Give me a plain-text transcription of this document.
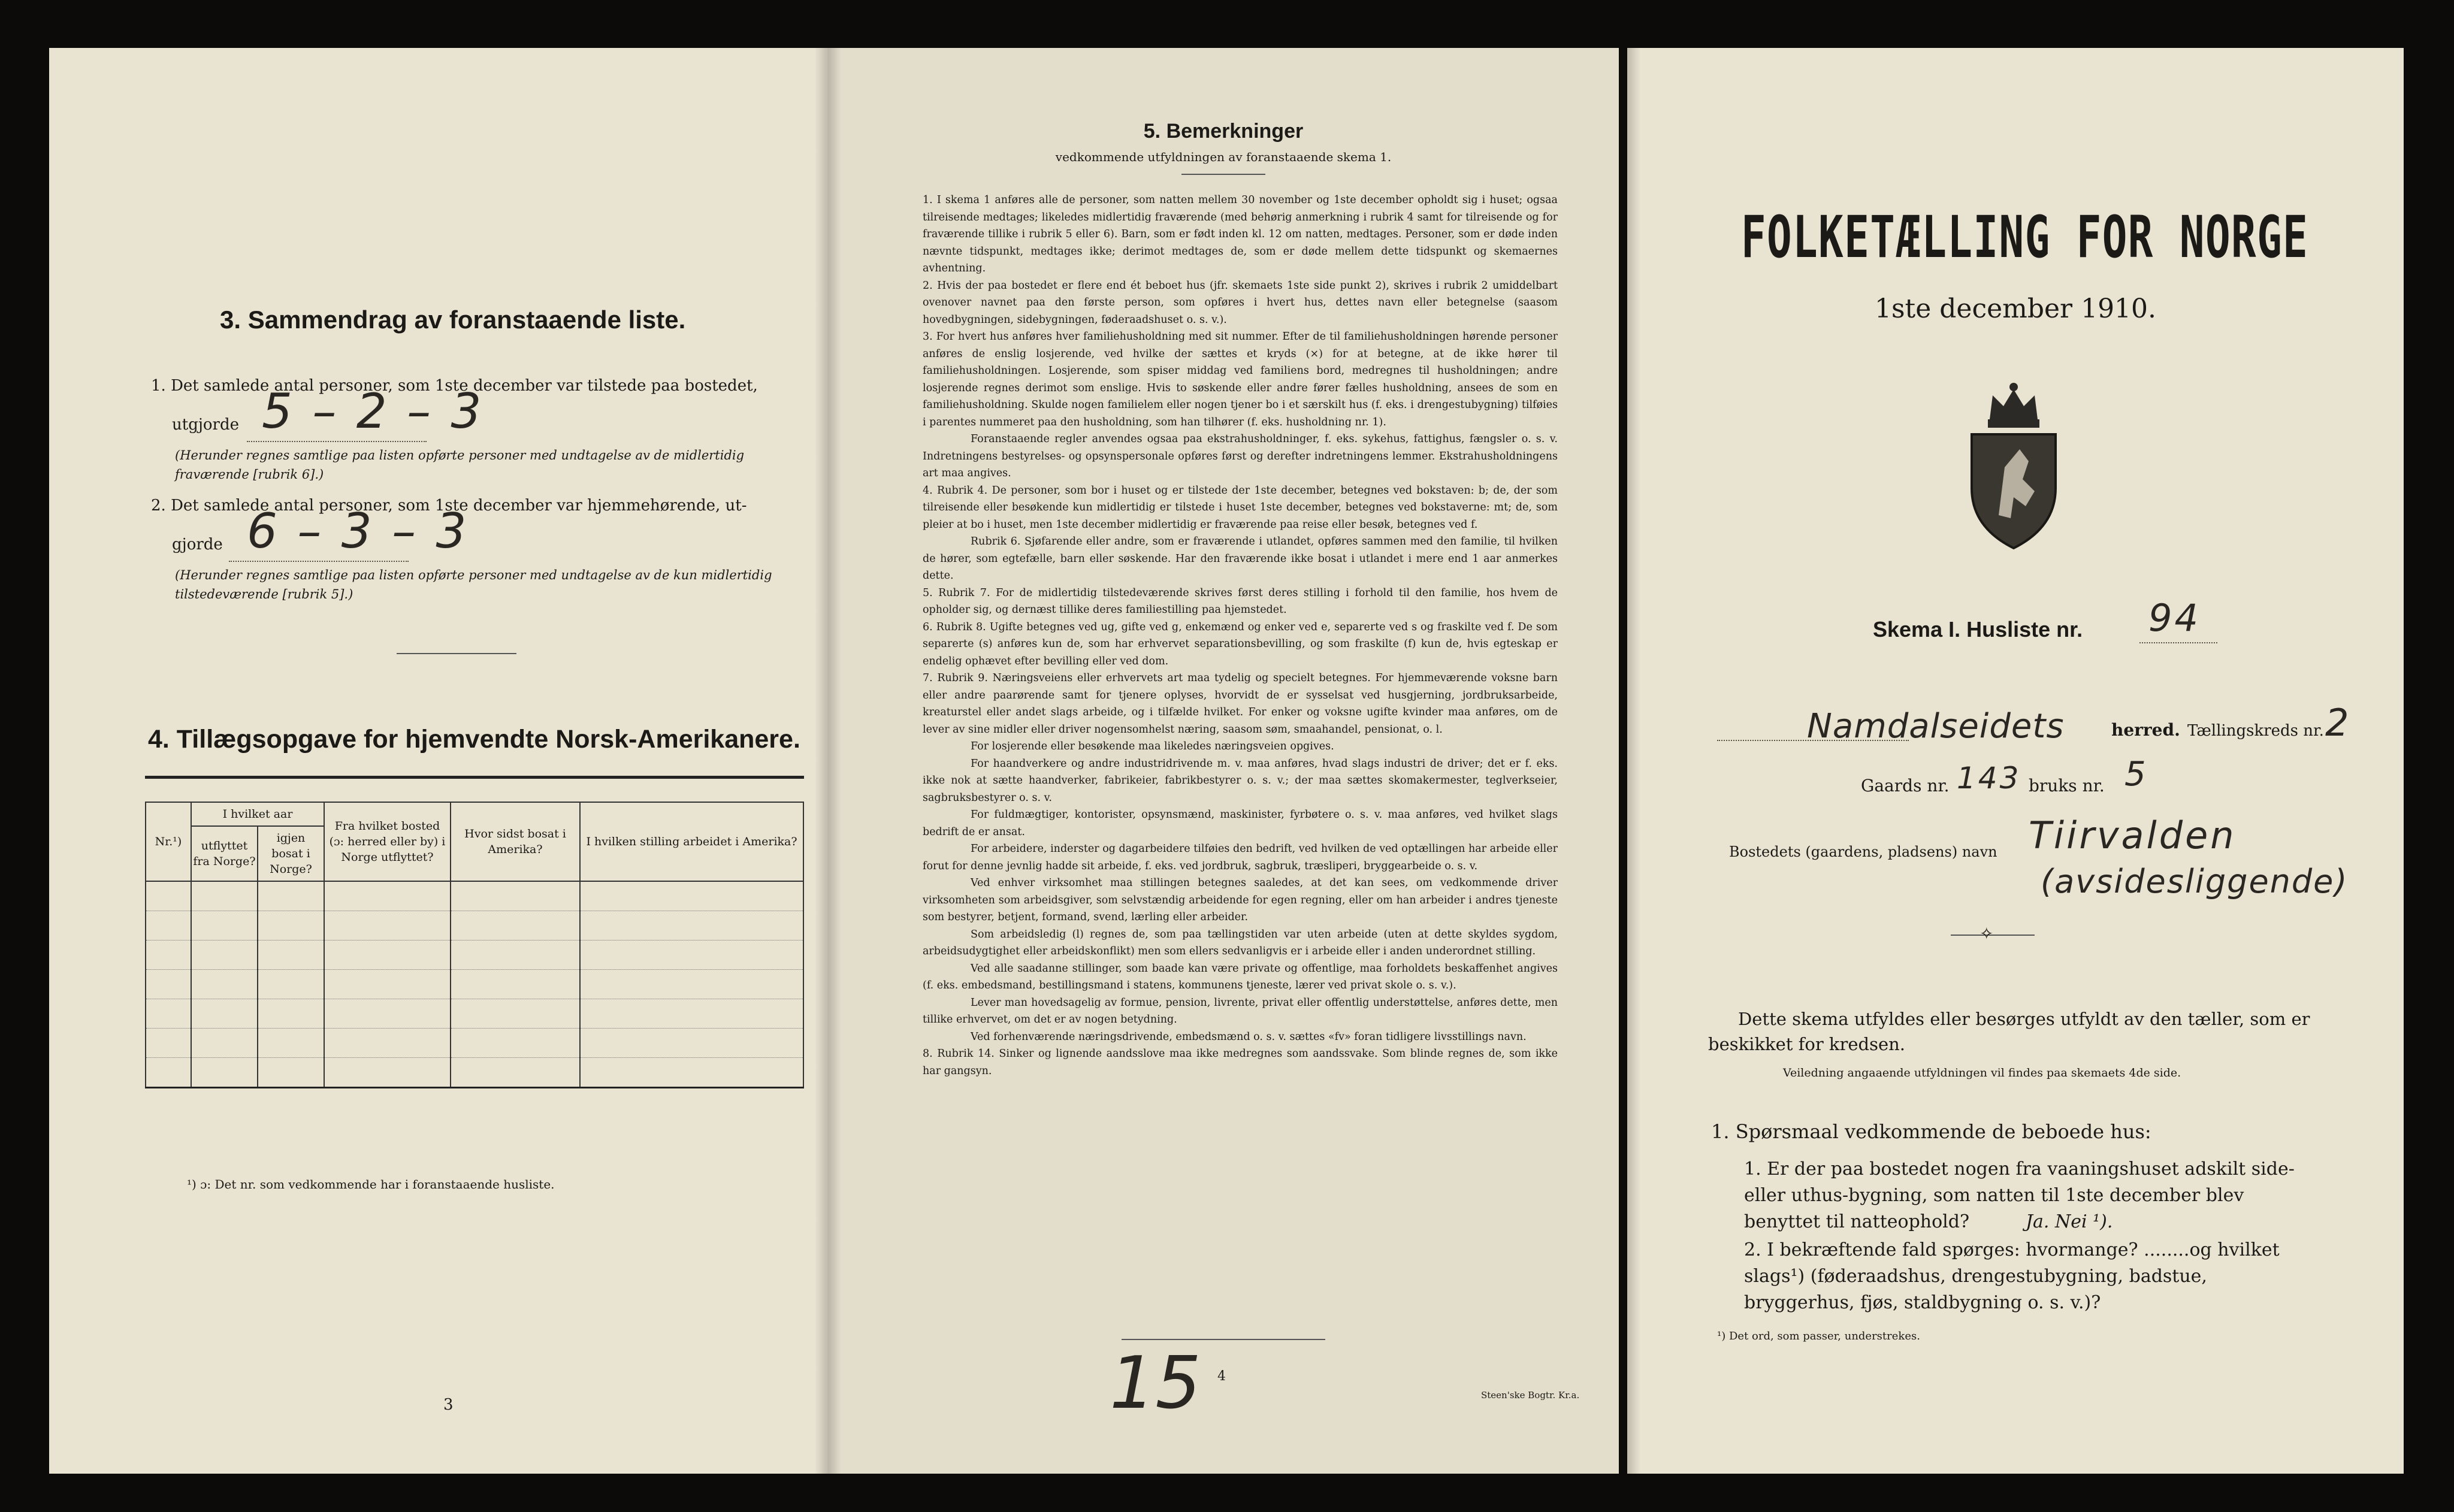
3. Sammendrag av foranstaaende liste.
1. Det samlede antal personer, som 1ste december var tilstede paa bostedet,
utgjorde 5 – 2 – 3
(Herunder regnes samtlige paa listen opførte personer med undtagelse av de midlertidig fraværende [rubrik 6].)
2. Det samlede antal personer, som 1ste december var hjemmehørende, ut-
gjorde 6 – 3 – 3
(Herunder regnes samtlige paa listen opførte personer med undtagelse av de kun midlertidig tilstedeværende [rubrik 5].)
4. Tillægsopgave for hjemvendte Norsk-Amerikanere.
Nr.¹)	I hvilket aar		Fra hvilket bosted (ɔ: herred eller by) i Norge utflyttet?	Hvor sidst bosat i Amerika?	I hvilken stilling arbeidet i Amerika?
	utflyttet fra Norge?	igjen bosat i Norge?			

¹) ɔ: Det nr. som vedkommende har i foranstaaende husliste.
3
5. Bemerkninger
vedkommende utfyldningen av foranstaaende skema 1.

1. I skema 1 anføres alle de personer, som natten mellem 30 november og 1ste december opholdt sig i huset; ogsaa tilreisende medtages; likeledes midlertidig fraværende (med behørig anmerkning i rubrik 4 samt for tilreisende og for fraværende tillike i rubrik 5 eller 6). Barn, som er født inden kl. 12 om natten, medtages. Personer, som er døde inden nævnte tidspunkt, medtages ikke; derimot medtages de, som er døde mellem dette tidspunkt og skemaernes avhentning.

2. Hvis der paa bostedet er flere end ét beboet hus (jfr. skemaets 1ste side punkt 2), skrives i rubrik 2 umiddelbart ovenover navnet paa den første person, som opføres i hvert hus, dettes navn eller betegnelse (saasom hovedbygningen, sidebygningen, føderaadshuset o. s. v.).

3. For hvert hus anføres hver familiehusholdning med sit nummer. Efter de til familiehusholdningen hørende personer anføres de enslig losjerende, ved hvilke der sættes et kryds (×) for at betegne, at de ikke hører til familiehusholdningen. Losjerende, som spiser middag ved familiens bord, medregnes til husholdningen; andre losjerende regnes derimot som enslige. Hvis to søskende eller andre fører fælles husholdning, ansees de som en familiehusholdning. Skulde nogen familielem eller nogen tjener bo i et særskilt hus (f. eks. i drengestubygning) tilføies i parentes nummeret paa den husholdning, som han tilhører (f. eks. husholdning nr. 1).

Foranstaaende regler anvendes ogsaa paa ekstrahusholdninger, f. eks. sykehus, fattighus, fængsler o. s. v. Indretningens bestyrelses- og opsynspersonale opføres først og derefter indretningens lemmer. Ekstrahusholdningens art maa angives.

4. Rubrik 4. De personer, som bor i huset og er tilstede der 1ste december, betegnes ved bokstaven: b; de, der som tilreisende eller besøkende kun midlertidig er tilstede i huset 1ste december, betegnes ved bokstaverne: mt; de, som pleier at bo i huset, men 1ste december midlertidig er fraværende paa reise eller besøk, betegnes ved f.

Rubrik 6. Sjøfarende eller andre, som er fraværende i utlandet, opføres sammen med den familie, til hvilken de hører, som egtefælle, barn eller søskende. Har den fraværende ikke bosat i utlandet i mere end 1 aar anmerkes dette.

5. Rubrik 7. For de midlertidig tilstedeværende skrives først deres stilling i forhold til den familie, hos hvem de opholder sig, og dernæst tillike deres familiestilling paa hjemstedet.

6. Rubrik 8. Ugifte betegnes ved ug, gifte ved g, enkemænd og enker ved e, separerte ved s og fraskilte ved f. De som separerte (s) anføres kun de, som har erhvervet separationsbevilling, og som fraskilte (f) kun de, hvis egteskap er endelig ophævet efter bevilling eller ved dom.

7. Rubrik 9. Næringsveiens eller erhvervets art maa tydelig og specielt betegnes. For hjemmeværende voksne barn eller andre paarørende samt for tjenere oplyses, hvorvidt de er sysselsat ved husgjerning, jordbruksarbeide, kreaturstel eller andet slags arbeide, og i tilfælde hvilket. For enker og voksne ugifte kvinder maa anføres, om de lever av sine midler eller driver nogensomhelst næring, saasom søm, smaahandel, pensionat, o. l.

For losjerende eller besøkende maa likeledes næringsveien opgives.

For haandverkere og andre industridrivende m. v. maa anføres, hvad slags industri de driver; det er f. eks. ikke nok at sætte haandverker, fabrikeier, fabrikbestyrer o. s. v.; der maa sættes skomakermester, teglverkseier, sagbruksbestyrer o. s. v.

For fuldmægtiger, kontorister, opsynsmænd, maskinister, fyrbøtere o. s. v. maa anføres, ved hvilket slags bedrift de er ansat.

For arbeidere, inderster og dagarbeidere tilføies den bedrift, ved hvilken de ved optællingen har arbeide eller forut for denne jevnlig hadde sit arbeide, f. eks. ved jordbruk, sagbruk, træsliperi, bryggearbeide o. s. v.

Ved enhver virksomhet maa stillingen betegnes saaledes, at det kan sees, om vedkommende driver virksomheten som arbeidsgiver, som selvstændig arbeidende for egen regning, eller om han arbeider i andres tjeneste som bestyrer, betjent, formand, svend, lærling eller arbeider.

Som arbeidsledig (l) regnes de, som paa tællingstiden var uten arbeide (uten at dette skyldes sygdom, arbeidsudygtighet eller arbeidskonflikt) men som ellers sedvanligvis er i arbeide eller i anden underordnet stilling.

Ved alle saadanne stillinger, som baade kan være private og offentlige, maa forholdets beskaffenhet angives (f. eks. embedsmand, bestillingsmand i statens, kommunens tjeneste, lærer ved privat skole o. s. v.).

Lever man hovedsagelig av formue, pension, livrente, privat eller offentlig understøttelse, anføres dette, men tillike erhvervet, om det er av nogen betydning.

Ved forhenværende næringsdrivende, embedsmænd o. s. v. sættes «fv» foran tidligere livsstillings navn.

8. Rubrik 14. Sinker og lignende aandsslove maa ikke medregnes som aandssvake. Som blinde regnes de, som ikke har gangsyn.

15 4
Steen'ske Bogtr. Kr.a.
FOLKETÆLLING FOR NORGE
1ste december 1910.
Skema I. Husliste nr. 94
Namdalseidets	herred. Tællingskreds nr. 2
Gaards nr. 143 bruks nr. 5
Bostedets (gaardens, pladsens) navn Tiirvalden
(avsidesliggende)
✧
Dette skema utfyldes eller besørges utfyldt av den tæller, som er beskikket for kredsen.
Veiledning angaaende utfyldningen vil findes paa skemaets 4de side.
1. Spørsmaal vedkommende de beboede hus:
1. Er der paa bostedet nogen fra vaaningshuset adskilt side- eller uthus-bygning, som natten til 1ste december blev benyttet til natteophold?	Ja. Nei ¹).
2. I bekræftende fald spørges: hvormange? ........og hvilket slags¹) (føderaadshus, drengestubygning, badstue, bryggerhus, fjøs, staldbygning o. s. v.)?
¹) Det ord, som passer, understrekes.
